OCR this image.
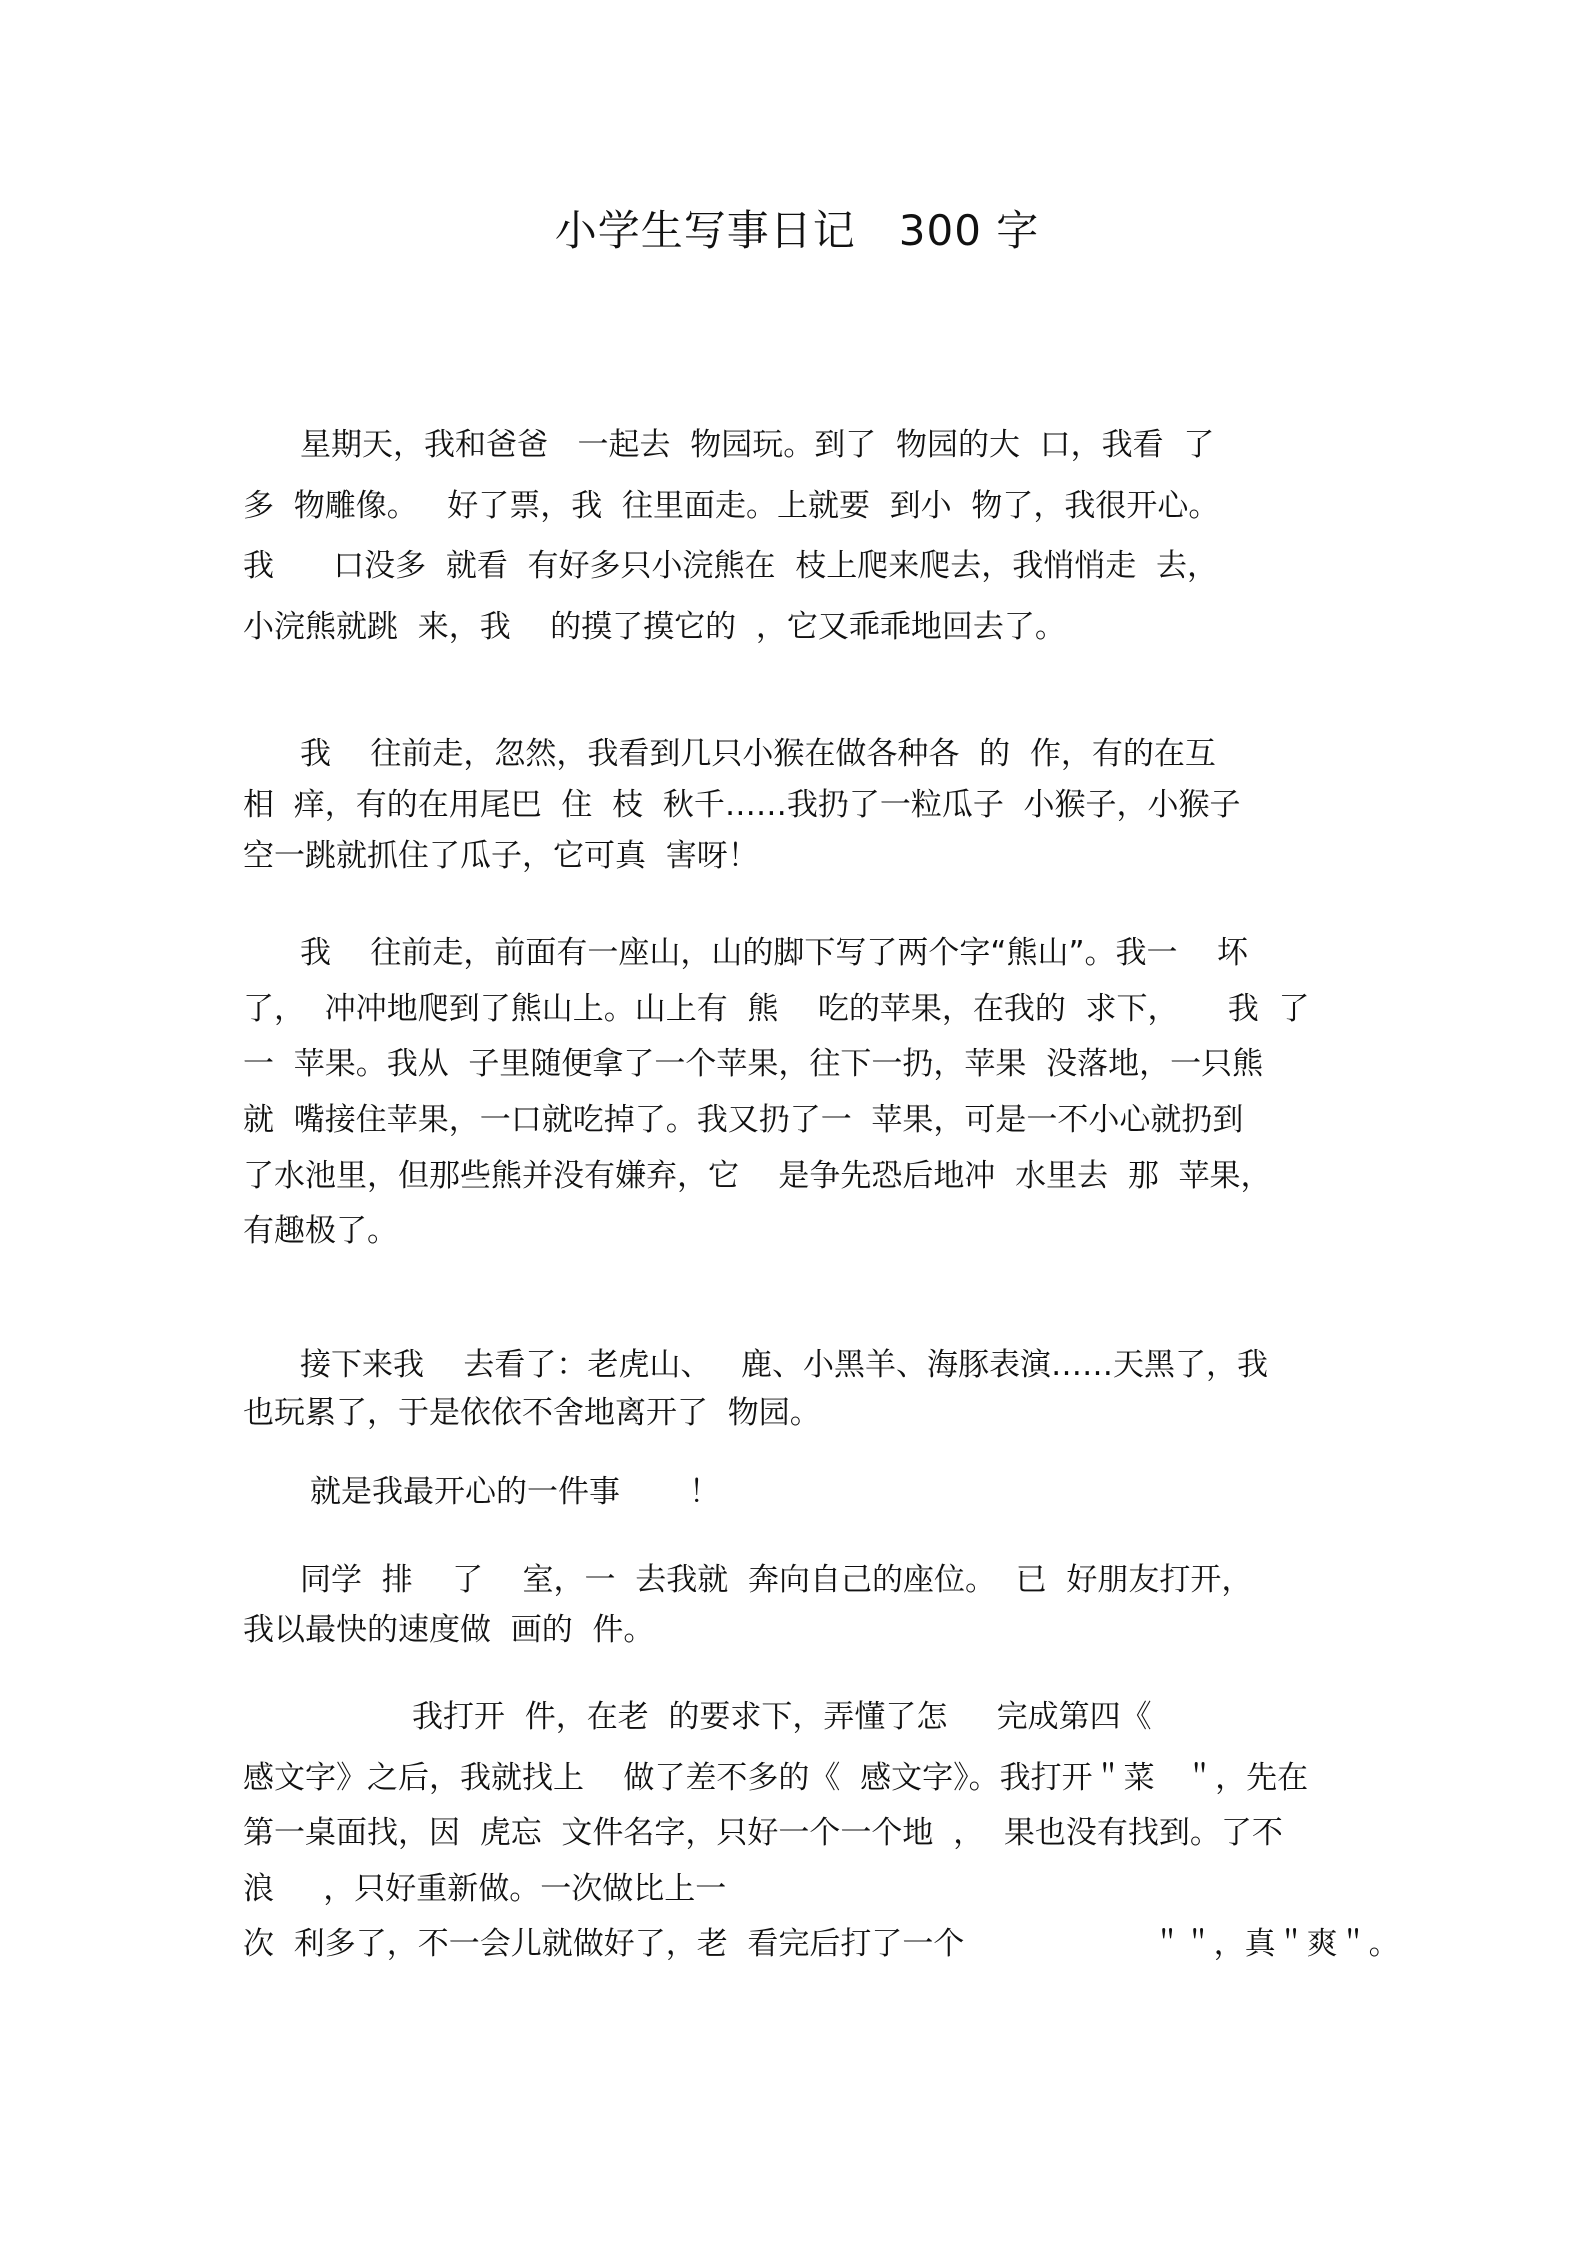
小学生写事日记   300 字
星期天，我和爸爸   一起去  物园玩。到了  物园的大  口，我看  了
多  物雕像。   好了票，我  往里面走。上就要  到小  物了，我很开心。
我      口没多  就看  有好多只小浣熊在  枝上爬来爬去，我悄悄走  去，
小浣熊就跳  来，我    的摸了摸它的  ，它又乖乖地回去了。
我    往前走，忽然，我看到几只小猴在做各种各  的  作，有的在互
相  痒，有的在用尾巴  住  枝  秋千……我扔了一粒瓜子  小猴子，小猴子
空一跳就抓住了瓜子，它可真  害呀！
我    往前走，前面有一座山，山的脚下写了两个字“熊山”。我一    坏
了，  冲冲地爬到了熊山上。山上有  熊    吃的苹果，在我的  求下，     我  了
一  苹果。我从  子里随便拿了一个苹果，往下一扔，苹果  没落地，一只熊
就  嘴接住苹果，一口就吃掉了。我又扔了一  苹果，可是一不小心就扔到
了水池里，但那些熊并没有嫌弃，它    是争先恐后地冲  水里去  那  苹果，
有趣极了。
接下来我    去看了：老虎山、   鹿、小黑羊、海豚表演……天黑了，我
也玩累了，于是依依不舍地离开了  物园。
就是我最开心的一件事       ！
同学  排    了    室，一  去我就  奔向自己的座位。  已  好朋友打开，
我以最快的速度做  画的  件。
我打开  件，在老  的要求下，弄懂了怎     完成第四《
感文字》之后，我就找上    做了差不多的《  感文字》。我打开＂菜   ＂，先在
第一桌面找，因  虎忘  文件名字，只好一个一个地  ，  果也没有找到。了不
浪     ，只好重新做。一次做比上一
次  利多了，不一会儿就做好了，老  看完后打了一个                   ＂＂，真＂爽＂。
